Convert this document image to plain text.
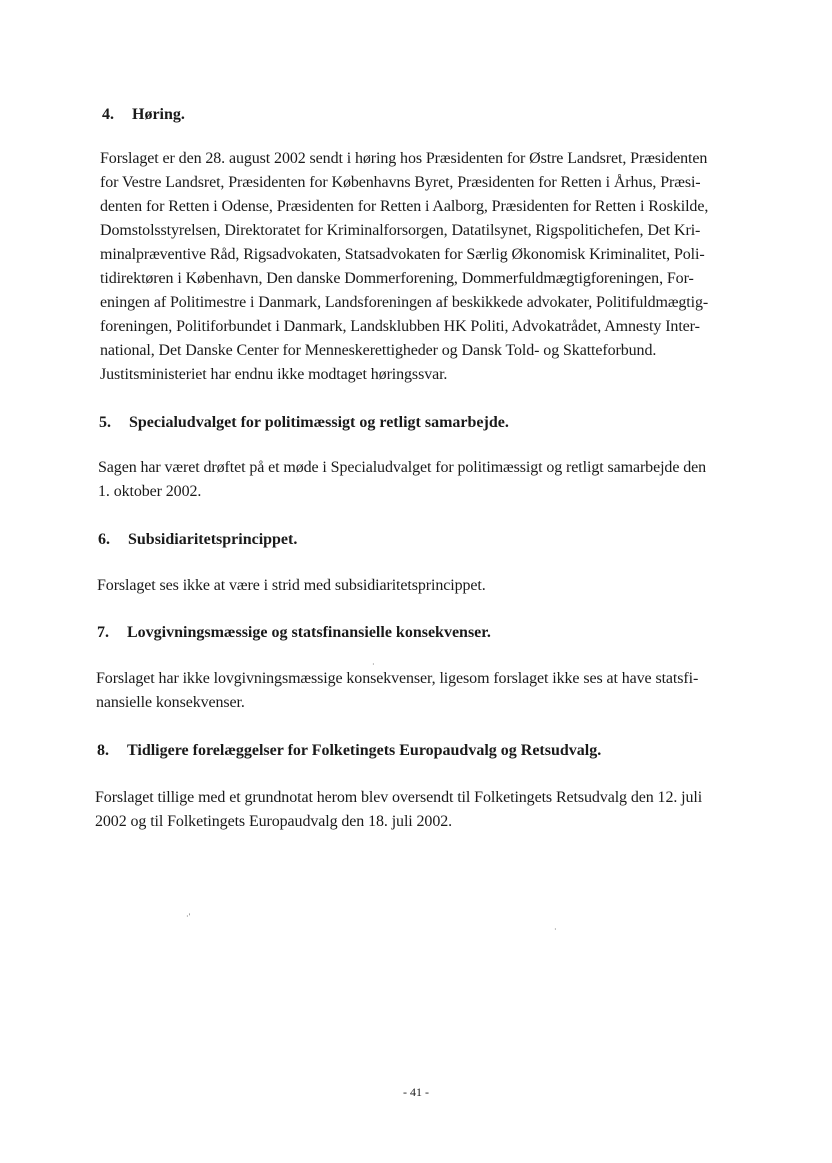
4. Høring.
Forslaget er den 28. august 2002 sendt i høring hos Præsidenten for Østre Landsret, Præsidenten
for Vestre Landsret, Præsidenten for Københavns Byret, Præsidenten for Retten i Århus, Præsi-
denten for Retten i Odense, Præsidenten for Retten i Aalborg, Præsidenten for Retten i Roskilde,
Domstolsstyrelsen, Direktoratet for Kriminalforsorgen, Datatilsynet, Rigspolitichefen, Det Kri-
minalpræventive Råd, Rigsadvokaten, Statsadvokaten for Særlig Økonomisk Kriminalitet, Poli-
tidirektøren i København, Den danske Dommerforening, Dommerfuldmægtigforeningen, For-
eningen af Politimestre i Danmark, Landsforeningen af beskikkede advokater, Politifuldmægtig-
foreningen, Politiforbundet i Danmark, Landsklubben HK Politi, Advokatrådet, Amnesty Inter-
national, Det Danske Center for Menneskerettigheder og Dansk Told- og Skatteforbund.
Justitsministeriet har endnu ikke modtaget høringssvar.
5. Specialudvalget for politimæssigt og retligt samarbejde.
Sagen har været drøftet på et møde i Specialudvalget for politimæssigt og retligt samarbejde den
1. oktober 2002.
6. Subsidiaritetsprincippet.
Forslaget ses ikke at være i strid med subsidiaritetsprincippet.
7. Lovgivningsmæssige og statsfinansielle konsekvenser.
Forslaget har ikke lovgivningsmæssige konsekvenser, ligesom forslaget ikke ses at have statsfi-
nansielle konsekvenser.
8. Tidligere forelæggelser for Folketingets Europaudvalg og Retsudvalg.
Forslaget tillige med et grundnotat herom blev oversendt til Folketingets Retsudvalg den 12. juli
2002 og til Folketingets Europaudvalg den 18. juli 2002.
·'
·
·
- 41 -
